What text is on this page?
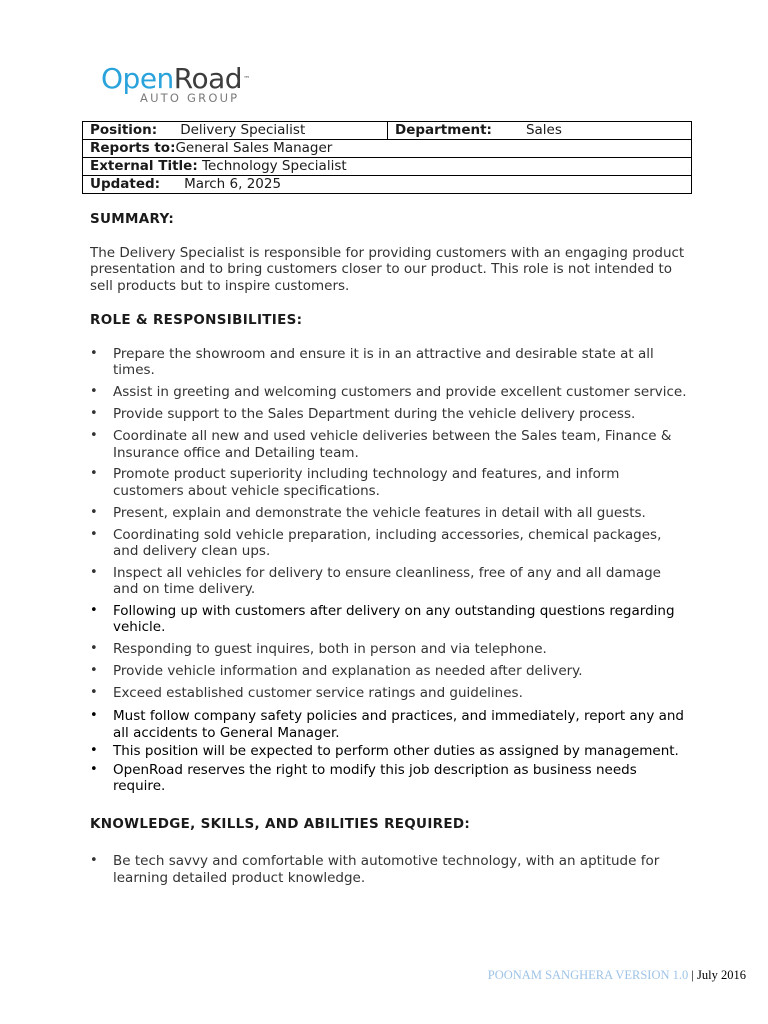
OpenRoad™
AUTO GROUP
Position: Delivery Specialist	Department:	Sales
Reports to:General Sales Manager
External Title: Technology Specialist
Updated: March 6, 2025
SUMMARY:

The Delivery Specialist is responsible for providing customers with an engaging product presentation and to bring customers closer to our product. This role is not intended to sell products but to inspire customers.

ROLE & RESPONSIBILITIES:
• Prepare the showroom and ensure it is in an attractive and desirable state at all times.
• Assist in greeting and welcoming customers and provide excellent customer service.
• Provide support to the Sales Department during the vehicle delivery process.
• Coordinate all new and used vehicle deliveries between the Sales team, Finance & Insurance office and Detailing team.
• Promote product superiority including technology and features, and inform customers about vehicle specifications.
• Present, explain and demonstrate the vehicle features in detail with all guests.
• Coordinating sold vehicle preparation, including accessories, chemical packages, and delivery clean ups.
• Inspect all vehicles for delivery to ensure cleanliness, free of any and all damage and on time delivery.
• Following up with customers after delivery on any outstanding questions regarding vehicle.
• Responding to guest inquires, both in person and via telephone.
• Provide vehicle information and explanation as needed after delivery.
• Exceed established customer service ratings and guidelines.
• Must follow company safety policies and practices, and immediately, report any and all accidents to General Manager.
• This position will be expected to perform other duties as assigned by management.
• OpenRoad reserves the right to modify this job description as business needs require.
KNOWLEDGE, SKILLS, AND ABILITIES REQUIRED:
• Be tech savvy and comfortable with automotive technology, with an aptitude for learning detailed product knowledge.
POONAM SANGHERA VERSION 1.0 | July 2016
